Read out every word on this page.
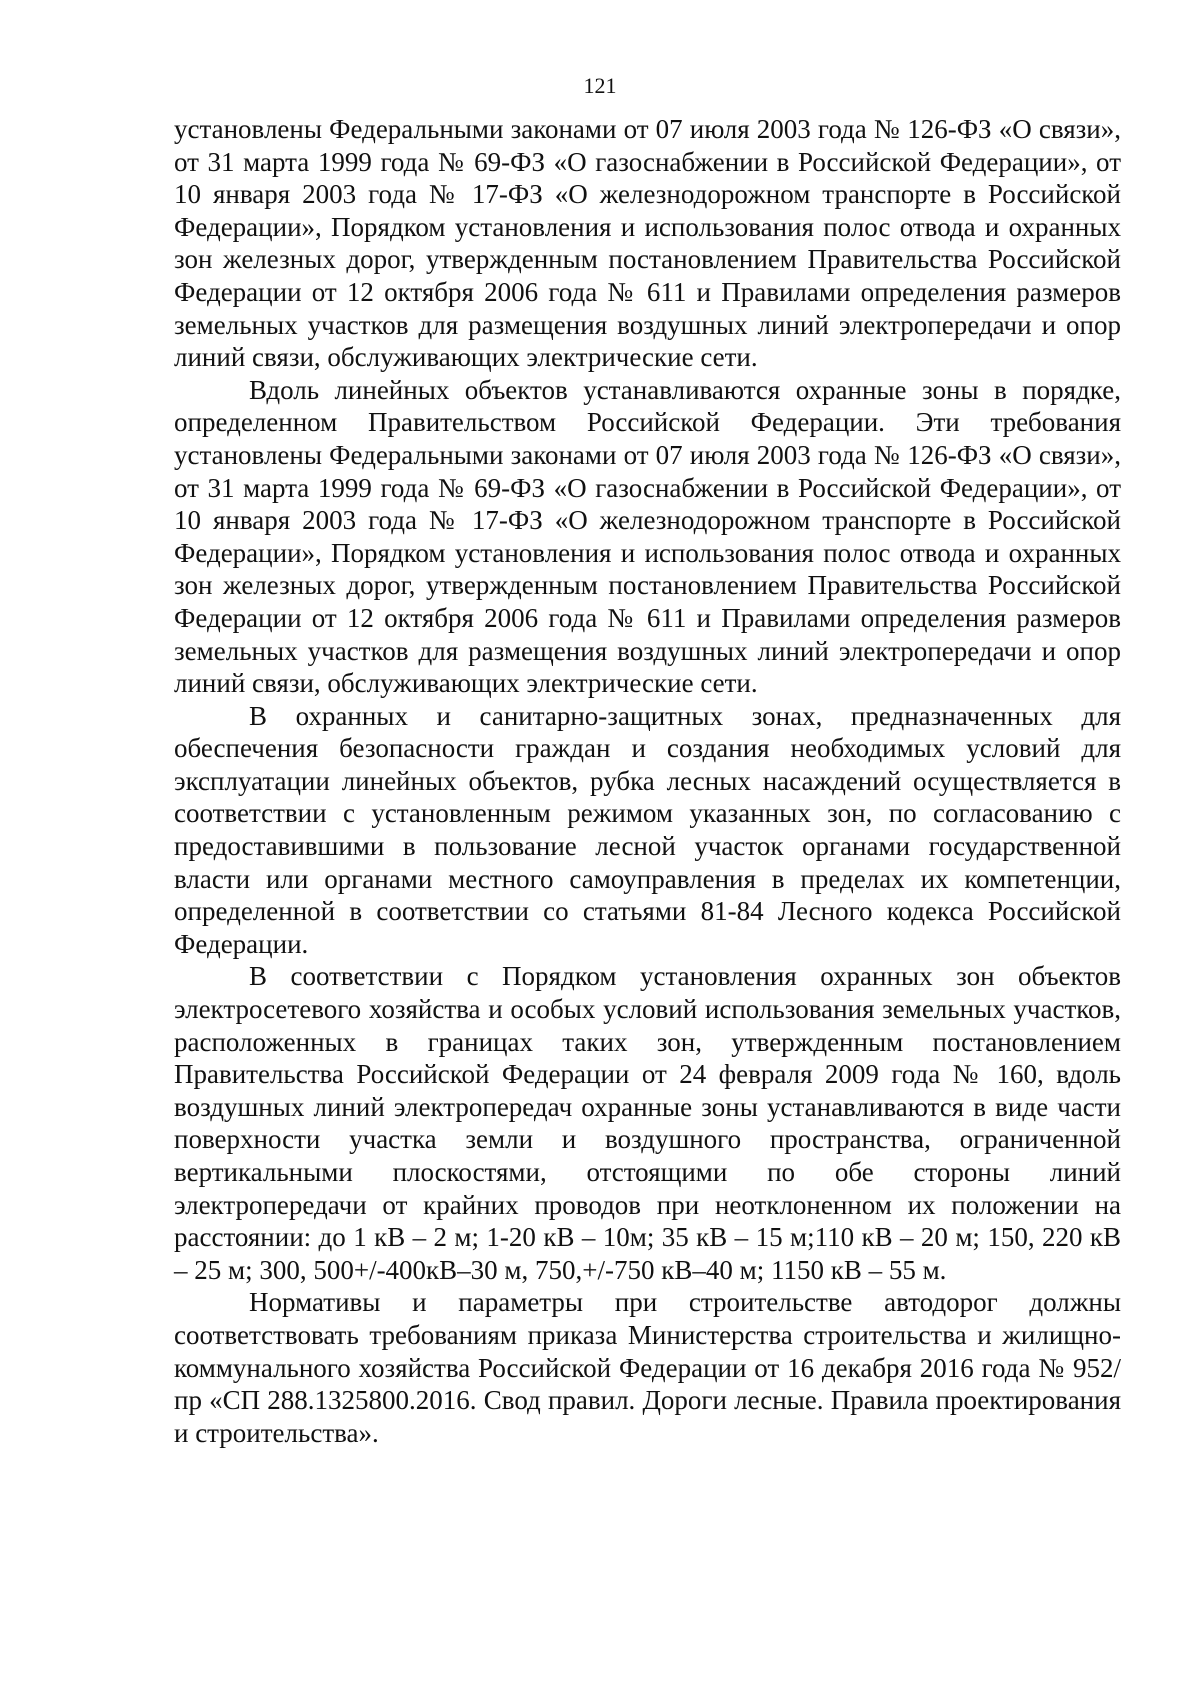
121

установлены Федеральными законами от 07 июля 2003 года № 126-ФЗ «О связи», от 31 марта 1999 года № 69-ФЗ «О газоснабжении в Российской Федерации», от 10 января 2003 года № 17-ФЗ «О железнодорожном транспорте в Российской Федерации», Порядком установления и использования полос отвода и охранных зон железных дорог, утвержденным постановлением Правительства Российской Федерации от 12 октября 2006 года № 611 и Правилами определения размеров земельных участков для размещения воздушных линий электропередачи и опор линий связи, обслуживающих электрические сети.

Вдоль линейных объектов устанавливаются охранные зоны в порядке, определенном Правительством Российской Федерации. Эти требования установлены Федеральными законами от 07 июля 2003 года № 126-ФЗ «О связи», от 31 марта 1999 года № 69-ФЗ «О газоснабжении в Российской Федерации», от 10 января 2003 года № 17-ФЗ «О железнодорожном транспорте в Российской Федерации», Порядком установления и использования полос отвода и охранных зон железных дорог, утвержденным постановлением Правительства Российской Федерации от 12 октября 2006 года № 611 и Правилами определения размеров земельных участков для размещения воздушных линий электропередачи и опор линий связи, обслуживающих электрические сети.

В охранных и санитарно-защитных зонах, предназначенных для обеспечения безопасности граждан и создания необходимых условий для эксплуатации линейных объектов, рубка лесных насаждений осуществляется в соответствии с установленным режимом указанных зон, по согласованию с предоставившими в пользование лесной участок органами государственной власти или органами местного самоуправления в пределах их компетенции, определенной в соответствии со статьями 81-84 Лесного кодекса Российской Федерации.

В соответствии с Порядком установления охранных зон объектов электросетевого хозяйства и особых условий использования земельных участков, расположенных в границах таких зон, утвержденным постановлением Правительства Российской Федерации от 24 февраля 2009 года № 160, вдоль воздушных линий электропередач охранные зоны устанавливаются в виде части поверхности участка земли и воздушного пространства, ограниченной вертикальными плоскостями, отстоящими по обе стороны линий электропередачи от крайних проводов при неотклоненном их положении на расстоянии: до 1 кВ – 2 м; 1-20 кВ – 10м; 35 кВ – 15 м;110 кВ – 20 м; 150, 220 кВ – 25 м; 300, 500+/-400кВ–30 м, 750,+/-750 кВ–40 м; 1150 кВ – 55 м.

Нормативы и параметры при строительстве автодорог должны соответствовать требованиям приказа Министерства строительства и жилищно-коммунального хозяйства Российской Федерации от 16 декабря 2016 года № 952/пр «СП 288.1325800.2016. Свод правил. Дороги лесные. Правила проектирования и строительства».
